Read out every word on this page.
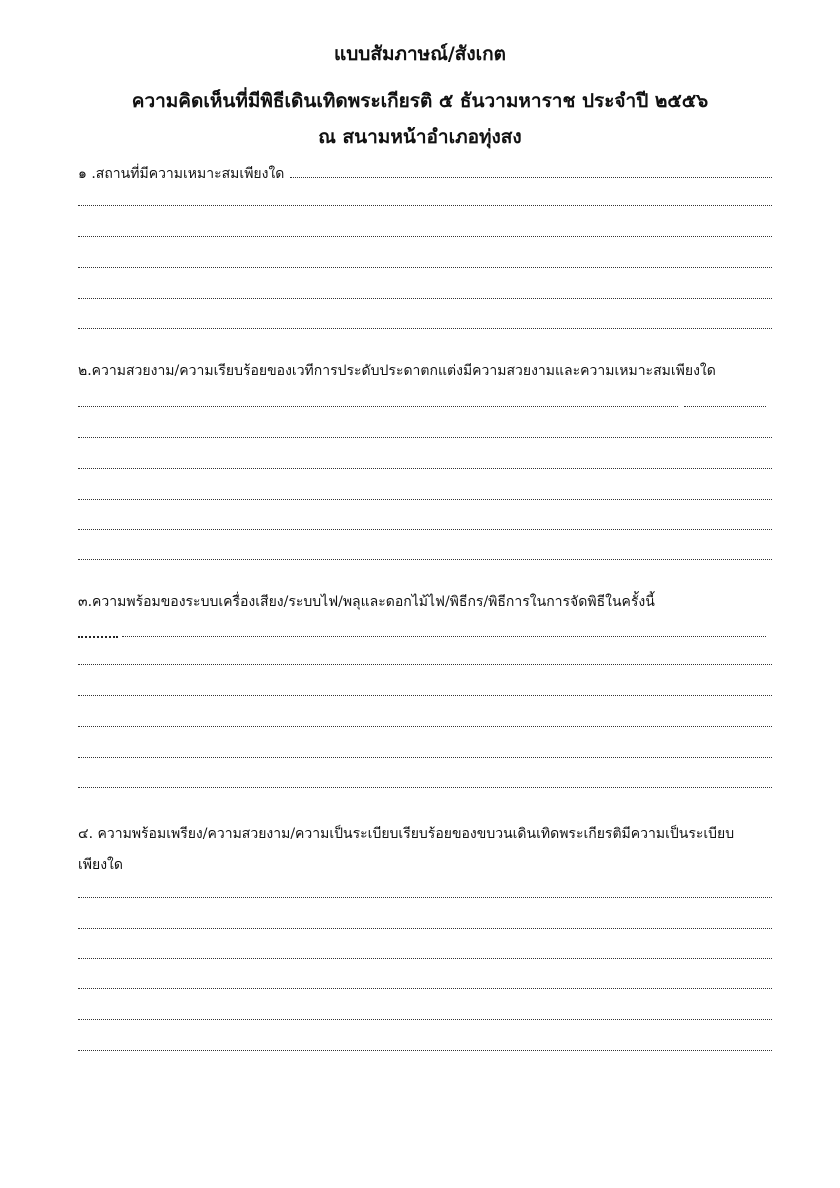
แบบสัมภาษณ์/สังเกต
ความคิดเห็นที่มีพิธีเดินเทิดพระเกียรติ ๕ ธันวามหาราช ประจำปี ๒๕๕๖
ณ สนามหน้าอำเภอทุ่งสง
๑ .สถานที่มีความเหมาะสมเพียงใด
๒.ความสวยงาม/ความเรียบร้อยของเวทีการประดับประดาตกแต่งมีความสวยงามและความเหมาะสมเพียงใด
๓.ความพร้อมของระบบเครื่องเสียง/ระบบไฟ/พลุและดอกไม้ไฟ/พิธีกร/พิธีการในการจัดพิธีในครั้งนี้
๔. ความพร้อมเพรียง/ความสวยงาม/ความเป็นระเบียบเรียบร้อยของขบวนเดินเทิดพระเกียรติมีความเป็นระเบียบ
เพียงใด
